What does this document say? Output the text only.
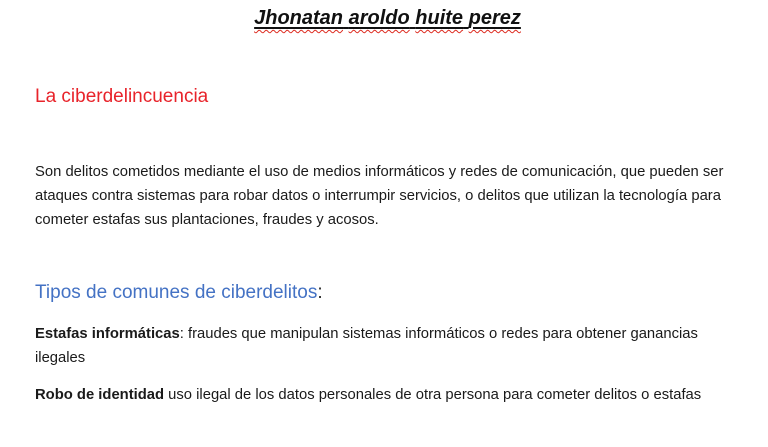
Jhonatan aroldo huite perez
La ciberdelincuencia

Son delitos cometidos mediante el uso de medios informáticos y redes de comunicación, que pueden ser ataques contra sistemas para robar datos o interrumpir servicios, o delitos que utilizan la tecnología para cometer estafas sus plantaciones, fraudes y acosos.

Tipos de comunes de ciberdelitos:

Estafas informáticas: fraudes que manipulan sistemas informáticos o redes para obtener ganancias ilegales

Robo de identidad uso ilegal de los datos personales de otra persona para cometer delitos o estafas
